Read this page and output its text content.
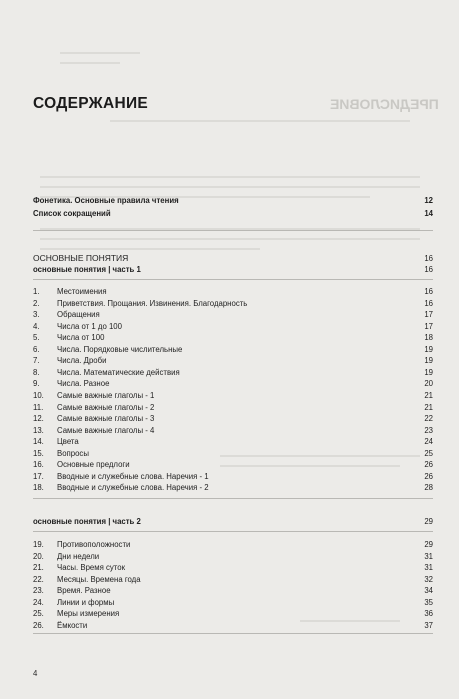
ПРЕДИСЛОВИЕ
СОДЕРЖАНИЕ
Фонетика. Основные правила чтения	12
Список сокращений	14
ОСНОВНЫЕ ПОНЯТИЯ	16
основные понятия | часть 1	16
1.	Местоимения	16
2.	Приветствия. Прощания. Извинения. Благодарность	16
3.	Обращения	17
4.	Числа от 1 до 100	17
5.	Числа от 100	18
6.	Числа. Порядковые числительные	19
7.	Числа. Дроби	19
8.	Числа. Математические действия	19
9.	Числа. Разное	20
10.	Самые важные глаголы - 1	21
11.	Самые важные глаголы - 2	21
12.	Самые важные глаголы - 3	22
13.	Самые важные глаголы - 4	23
14.	Цвета	24
15.	Вопросы	25
16.	Основные предлоги	26
17.	Вводные и служебные слова. Наречия - 1	26
18.	Вводные и служебные слова. Наречия - 2	28
основные понятия | часть 2	29
19.	Противоположности	29
20.	Дни недели	31
21.	Часы. Время суток	31
22.	Месяцы. Времена года	32
23.	Время. Разное	34
24.	Линии и формы	35
25.	Меры измерения	36
26.	Ёмкости	37
4
